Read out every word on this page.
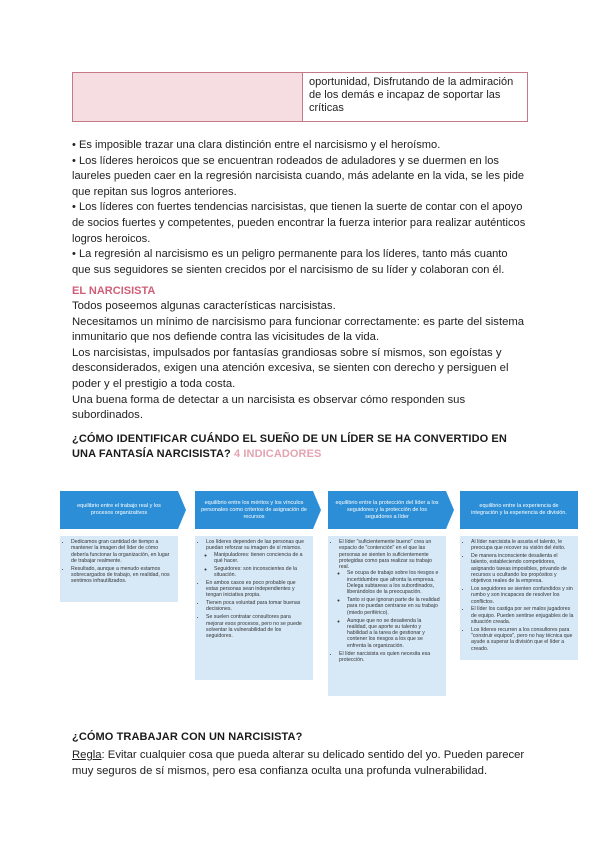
oportunidad, Disfrutando de la admiración de los demás e incapaz de soportar las críticas

• Es imposible trazar una clara distinción entre el narcisismo y el heroísmo.

• Los líderes heroicos que se encuentran rodeados de aduladores y se duermen en los laureles pueden caer en la regresión narcisista cuando, más adelante en la vida, se les pide que repitan sus logros anteriores.

• Los líderes con fuertes tendencias narcisistas, que tienen la suerte de contar con el apoyo de socios fuertes y competentes, pueden encontrar la fuerza interior para realizar auténticos logros heroicos.

• La regresión al narcisismo es un peligro permanente para los líderes, tanto más cuanto que sus seguidores se sienten crecidos por el narcisismo de su líder y colaboran con él.

EL NARCISISTA

Todos poseemos algunas características narcisistas.

Necesitamos un mínimo de narcisismo para funcionar correctamente: es parte del sistema inmunitario que nos defiende contra las vicisitudes de la vida.

Los narcisistas, impulsados por fantasías grandiosas sobre sí mismos, son egoístas y desconsiderados, exigen una atención excesiva, se sienten con derecho y persiguen el poder y el prestigio a toda costa.

Una buena forma de detectar a un narcisista es observar cómo responden sus subordinados.

¿CÓMO IDENTIFICAR CUÁNDO EL SUEÑO DE UN LÍDER SE HA CONVERTIDO EN UNA FANTASÍA NARCISISTA? 4 INDICADORES
equilibrio entre el trabajo real y los procesos organizativos
• Dedicamos gran cantidad de tiempo a mantener la imagen del líder de cómo debería funcionar la organización, en lugar de trabajar realmente.
• Resultado, aunque a menudo estamos sobrecargados de trabajo, en realidad, nos sentimos infrautilizados.
equilibrio entre los méritos y los vínculos personales como criterios de asignación de recursos
• Los líderes dependen de las personas que puedan reforzar su imagen de sí mismos.
◦ Manipuladores: tienen conciencia de a qué hacer.
◦ Seguidores: son inconscientes de la situación.
• En ambos casos es poco probable que estas personas sean independientes y tengan iniciativa propia.
• Tienen poca voluntad para tomar buenas decisiones.
• Se suelen contratar consultores para mejorar esos procesos, pero no se puede solventar la vulnerabilidad de los seguidores.
equilibrio entre la protección del líder a los seguidores y la protección de los seguidores a líder
• El líder "suficientemente bueno" crea un espacio de "contención" en el que las personas se sienten lo suficientemente protegidas como para realizar su trabajo real.
◦ Se ocupa de trabajo sobre los riesgos e incertidumbre que afronta la empresa. Delega subtareas a los subordinados, liberándolos de la preocupación.
◦ Tanto si que ignoran parte de la realidad para no puedan centrarse en su trabajo (miedo periférico).
◦ Aunque que no se desatienda la realidad, que aporte su talento y habilidad a la tarea de gestionar y contener los riesgos a los que se enfrenta la organización.
• El líder narcisista es quien necesita esa protección.
equilibrio entre la experiencia de integración y la experiencia de división.
• Al líder narcisista le asusta el talento, le preocupa que recover su visión del éxito.
• De manera inconsciente desalienta el talento, estableciendo competidores, asignando tareas imposibles, privando de recursos u ocultando los propósitos y objetivos reales de la empresa.
• Los seguidores se sienten confundidos y sin rumbo y son incapaces de resolver los conflictos.
• El líder los castiga por ser malos jugadores de equipo. Pueden sentirse enjugables de la situación creada.
• Los líderes recurren a los consultores para "construir equipos", pero no hay técnica que ayude a superar la división que el líder a creado.
¿CÓMO TRABAJAR CON UN NARCISISTA?
Regla: Evitar cualquier cosa que pueda alterar su delicado sentido del yo. Pueden parecer muy seguros de sí mismos, pero esa confianza oculta una profunda vulnerabilidad.
